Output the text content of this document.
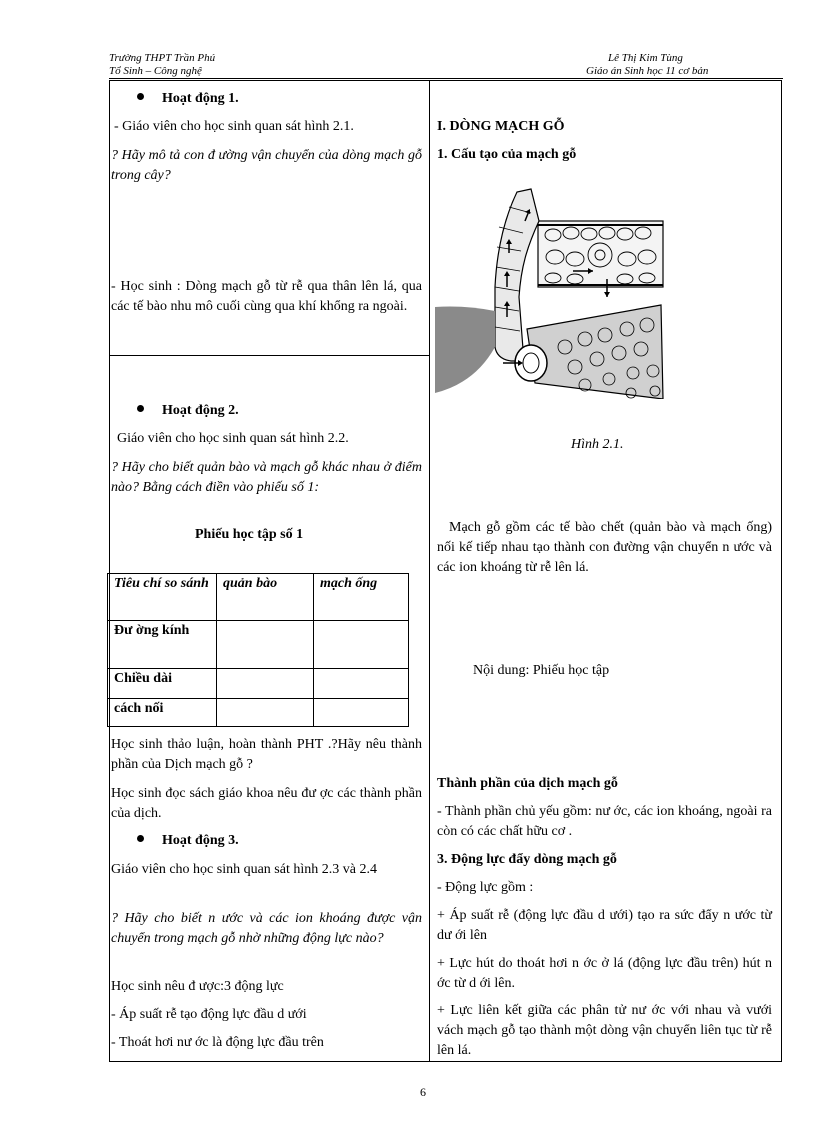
Trường THPT Trần Phú
Tổ Sinh – Công nghệ
Lê Thị Kim Tùng
Giáo án Sinh học 11 cơ bản
Hoạt động 1.
- Giáo viên cho học sinh quan sát hình 2.1.
? Hãy mô tả con đ ường vận chuyển của dòng mạch gỗ trong cây?
- Học sinh : Dòng mạch gỗ từ rễ qua thân lên lá, qua các tế bào nhu mô cuối cùng qua khí khổng ra ngoài.
Hoạt động 2.
Giáo viên cho học sinh quan sát hình 2.2.
? Hãy cho biết quản bào và mạch gỗ khác nhau ở điểm nào? Bằng cách điền vào phiếu số 1:
Phiếu học tập số 1
Tiêu chí so sánh	quản bào	mạch ống
Đư ờng kính		
Chiều dài		
cách nối		
Học sinh thảo luận, hoàn thành PHT .?Hãy nêu thành phần của Dịch mạch gỗ ?
Học sinh đọc sách giáo khoa nêu đư ợc các thành phần của dịch.
Hoạt động 3.
Giáo viên cho học sinh quan sát hình 2.3 và 2.4
? Hãy cho biết n ước và các ion khoáng được vận chuyển trong mạch gỗ nhờ những động lực nào?
Học sinh nêu đ ược:3 động lực
- Áp suất rễ tạo động lực đầu d ưới
- Thoát hơi nư ớc là động lực đầu trên
I. DÒNG MẠCH GỖ
1. Cấu tạo của mạch gỗ
Hình 2.1.
Mạch gỗ gồm các tế bào chết (quản bào và mạch ống) nối kế tiếp nhau tạo thành con đường vận chuyển n ước và các ion khoáng từ rễ lên lá.
Nội dung: Phiếu học tập
Thành phần của dịch mạch gỗ
- Thành phần chủ yếu gồm: nư ớc, các ion khoáng, ngoài ra còn có các chất hữu cơ .
3. Động lực đẩy dòng mạch gỗ
- Động lực gồm :
+ Áp suất rễ (động lực đầu d ưới) tạo ra sức đẩy n ước từ dư ới lên
+ Lực hút do thoát hơi n ớc ở lá (động lực đầu trên) hút n ớc từ d ới lên.
+ Lực liên kết giữa các phân tử nư ớc với nhau và vưới vách mạch gỗ tạo thành một dòng vận chuyển liên tục từ rễ lên lá.
6
